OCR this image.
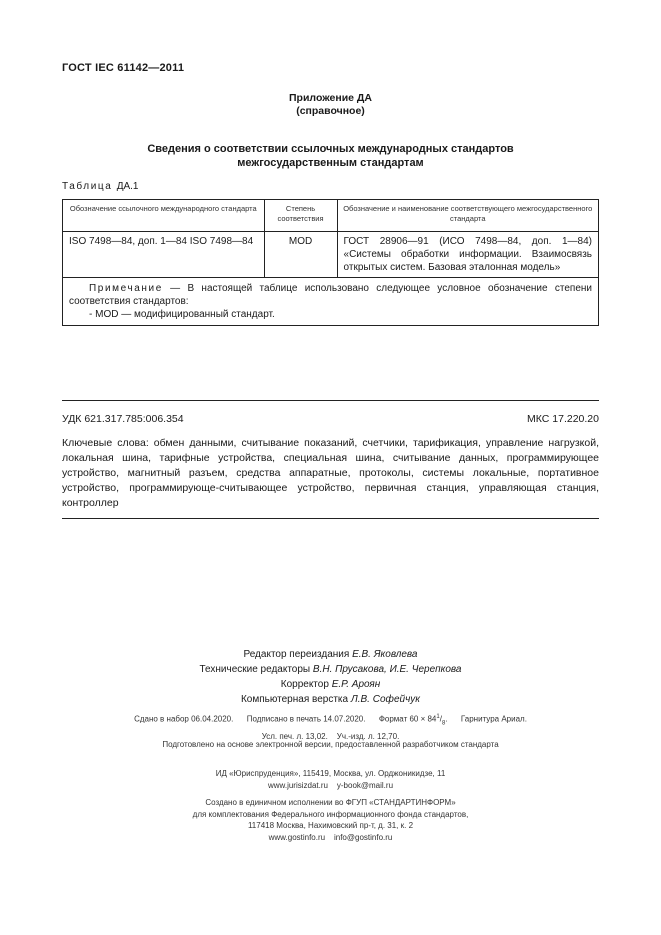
ГОСТ IEC 61142—2011
Приложение ДА
(справочное)
Сведения о соответствии ссылочных международных стандартов
межгосударственным стандартам
Таблица ДА.1
Обозначение ссылочного международного стандарта	Степень соответствия	Обозначение и наименование соответствующего межгосударственного стандарта
ISO 7498—84, доп. 1—84 ISO 7498—84	MOD	ГОСТ 28906—91 (ИСО 7498—84, доп. 1—84) «Системы обработки информации. Взаимосвязь открытых систем. Базовая эталонная модель»

Примечание — В настоящей таблице использовано следующее условное обозначение степени соответствия стандартов:
- MOD — модифицированный стандарт.		
УДК 621.317.785:006.354	МКС 17.220.20
Ключевые слова: обмен данными, считывание показаний, счетчики, тарификация, управление нагрузкой, локальная шина, тарифные устройства, специальная шина, считывание данных, программирующее устройство, магнитный разъем, средства аппаратные, протоколы, системы локальные, портативное устройство, программирующе-считывающее устройство, первичная станция, управляющая станция, контроллер
Редактор переиздания Е.В. Яковлева
Технические редакторы В.Н. Прусакова, И.Е. Черепкова
Корректор Е.Р. Ароян
Компьютерная верстка Л.В. Софейчук
Сдано в набор 06.04.2020. Подписано в печать 14.07.2020. Формат $60 \times 84^1/_8$.      Гарнитура Ариал.
Усл. печ. л. 13,02. Уч.-изд. л. 12,70.
Подготовлено на основе электронной версии, предоставленной разработчиком стандарта
ИД «Юриспруденция», 115419, Москва, ул. Орджоникидзе, 11
www.jurisizdat.ru y-book@mail.ru
Создано в единичном исполнении во ФГУП «СТАНДАРТИНФОРМ»
для комплектования Федерального информационного фонда стандартов,
117418 Москва, Нахимовский пр-т, д. 31, к. 2
www.gostinfo.ru info@gostinfo.ru
